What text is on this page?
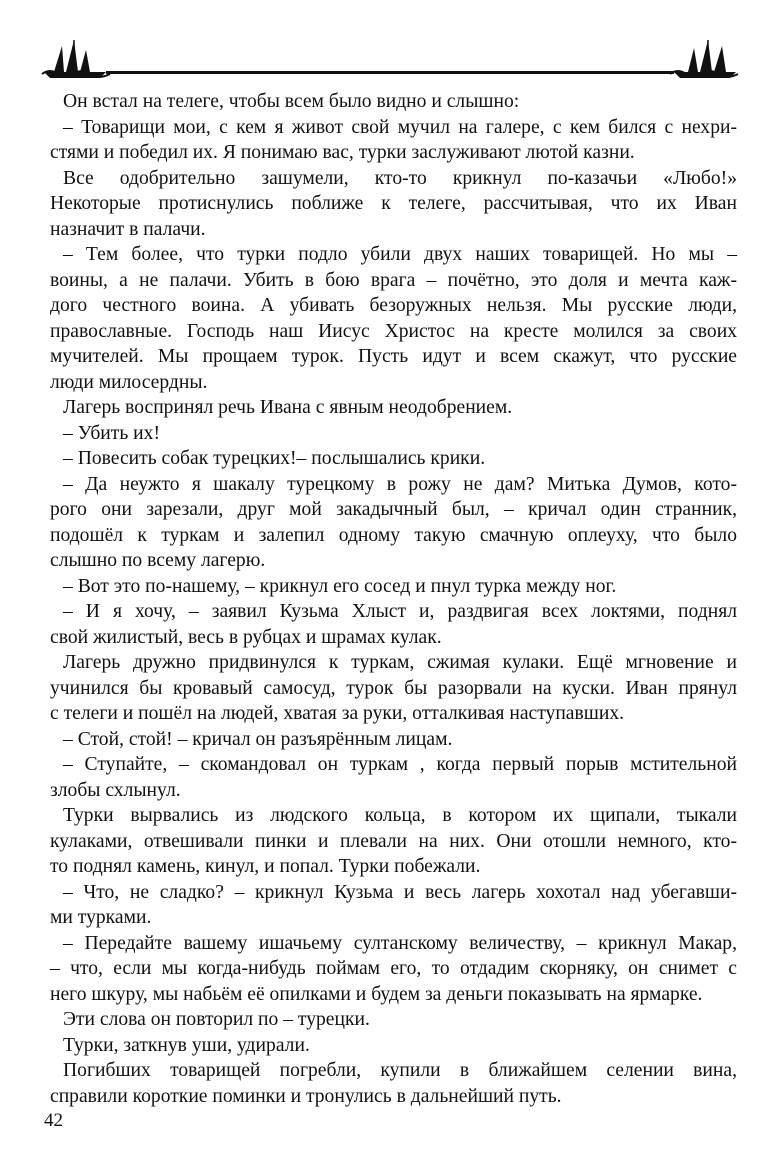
Он встал на телеге, чтобы всем было видно и слышно:
– Товарищи мои, с кем я живот свой мучил на галере, с кем бился с нехри-
стями и победил их. Я понимаю вас, турки заслуживают лютой казни.
Все одобрительно зашумели, кто-то крикнул по-казачьи «Любо!»
Некоторые протиснулись поближе к телеге, рассчитывая, что их Иван
назначит в палачи.
– Тем более, что турки подло убили двух наших товарищей. Но мы –
воины, а не палачи. Убить в бою врага – почётно, это доля и мечта каж-
дого честного воина. А убивать безоружных нельзя. Мы русские люди,
православные. Господь наш Иисус Христос на кресте молился за своих
мучителей. Мы прощаем турок. Пусть идут и всем скажут, что русские
люди милосердны.
Лагерь воспринял речь Ивана с явным неодобрением.
– Убить их!
– Повесить собак турецких!– послышались крики.
– Да неужто я шакалу турецкому в рожу не дам? Митька Думов, кото-
рого они зарезали, друг мой закадычный был, – кричал один странник,
подошёл к туркам и залепил одному такую смачную оплеуху, что было
слышно по всему лагерю.
– Вот это по-нашему, – крикнул его сосед и пнул турка между ног.
– И я хочу, – заявил Кузьма Хлыст и, раздвигая всех локтями, поднял
свой жилистый, весь в рубцах и шрамах кулак.
Лагерь дружно придвинулся к туркам, сжимая кулаки. Ещё мгновение и
учинился бы кровавый самосуд, турок бы разорвали на куски. Иван прянул
с телеги и пошёл на людей, хватая за руки, отталкивая наступавших.
– Стой, стой! – кричал он разъярённым лицам.
– Ступайте, – скомандовал он туркам , когда первый порыв мстительной
злобы схлынул.
Турки вырвались из людского кольца, в котором их щипали, тыкали
кулаками, отвешивали пинки и плевали на них. Они отошли немного, кто-
то поднял камень, кинул, и попал. Турки побежали.
– Что, не сладко? – крикнул Кузьма и весь лагерь хохотал над убегавши-
ми турками.
– Передайте вашему ишачьему султанскому величеству, – крикнул Макар,
– что, если мы когда-нибудь поймам его, то отдадим скорняку, он снимет с
него шкуру, мы набьём её опилками и будем за деньги показывать на ярмарке.
Эти слова он повторил по – турецки.
Турки, заткнув уши, удирали.
Погибших товарищей погребли, купили в ближайшем селении вина,
справили короткие поминки и тронулись в дальнейший путь.
42
